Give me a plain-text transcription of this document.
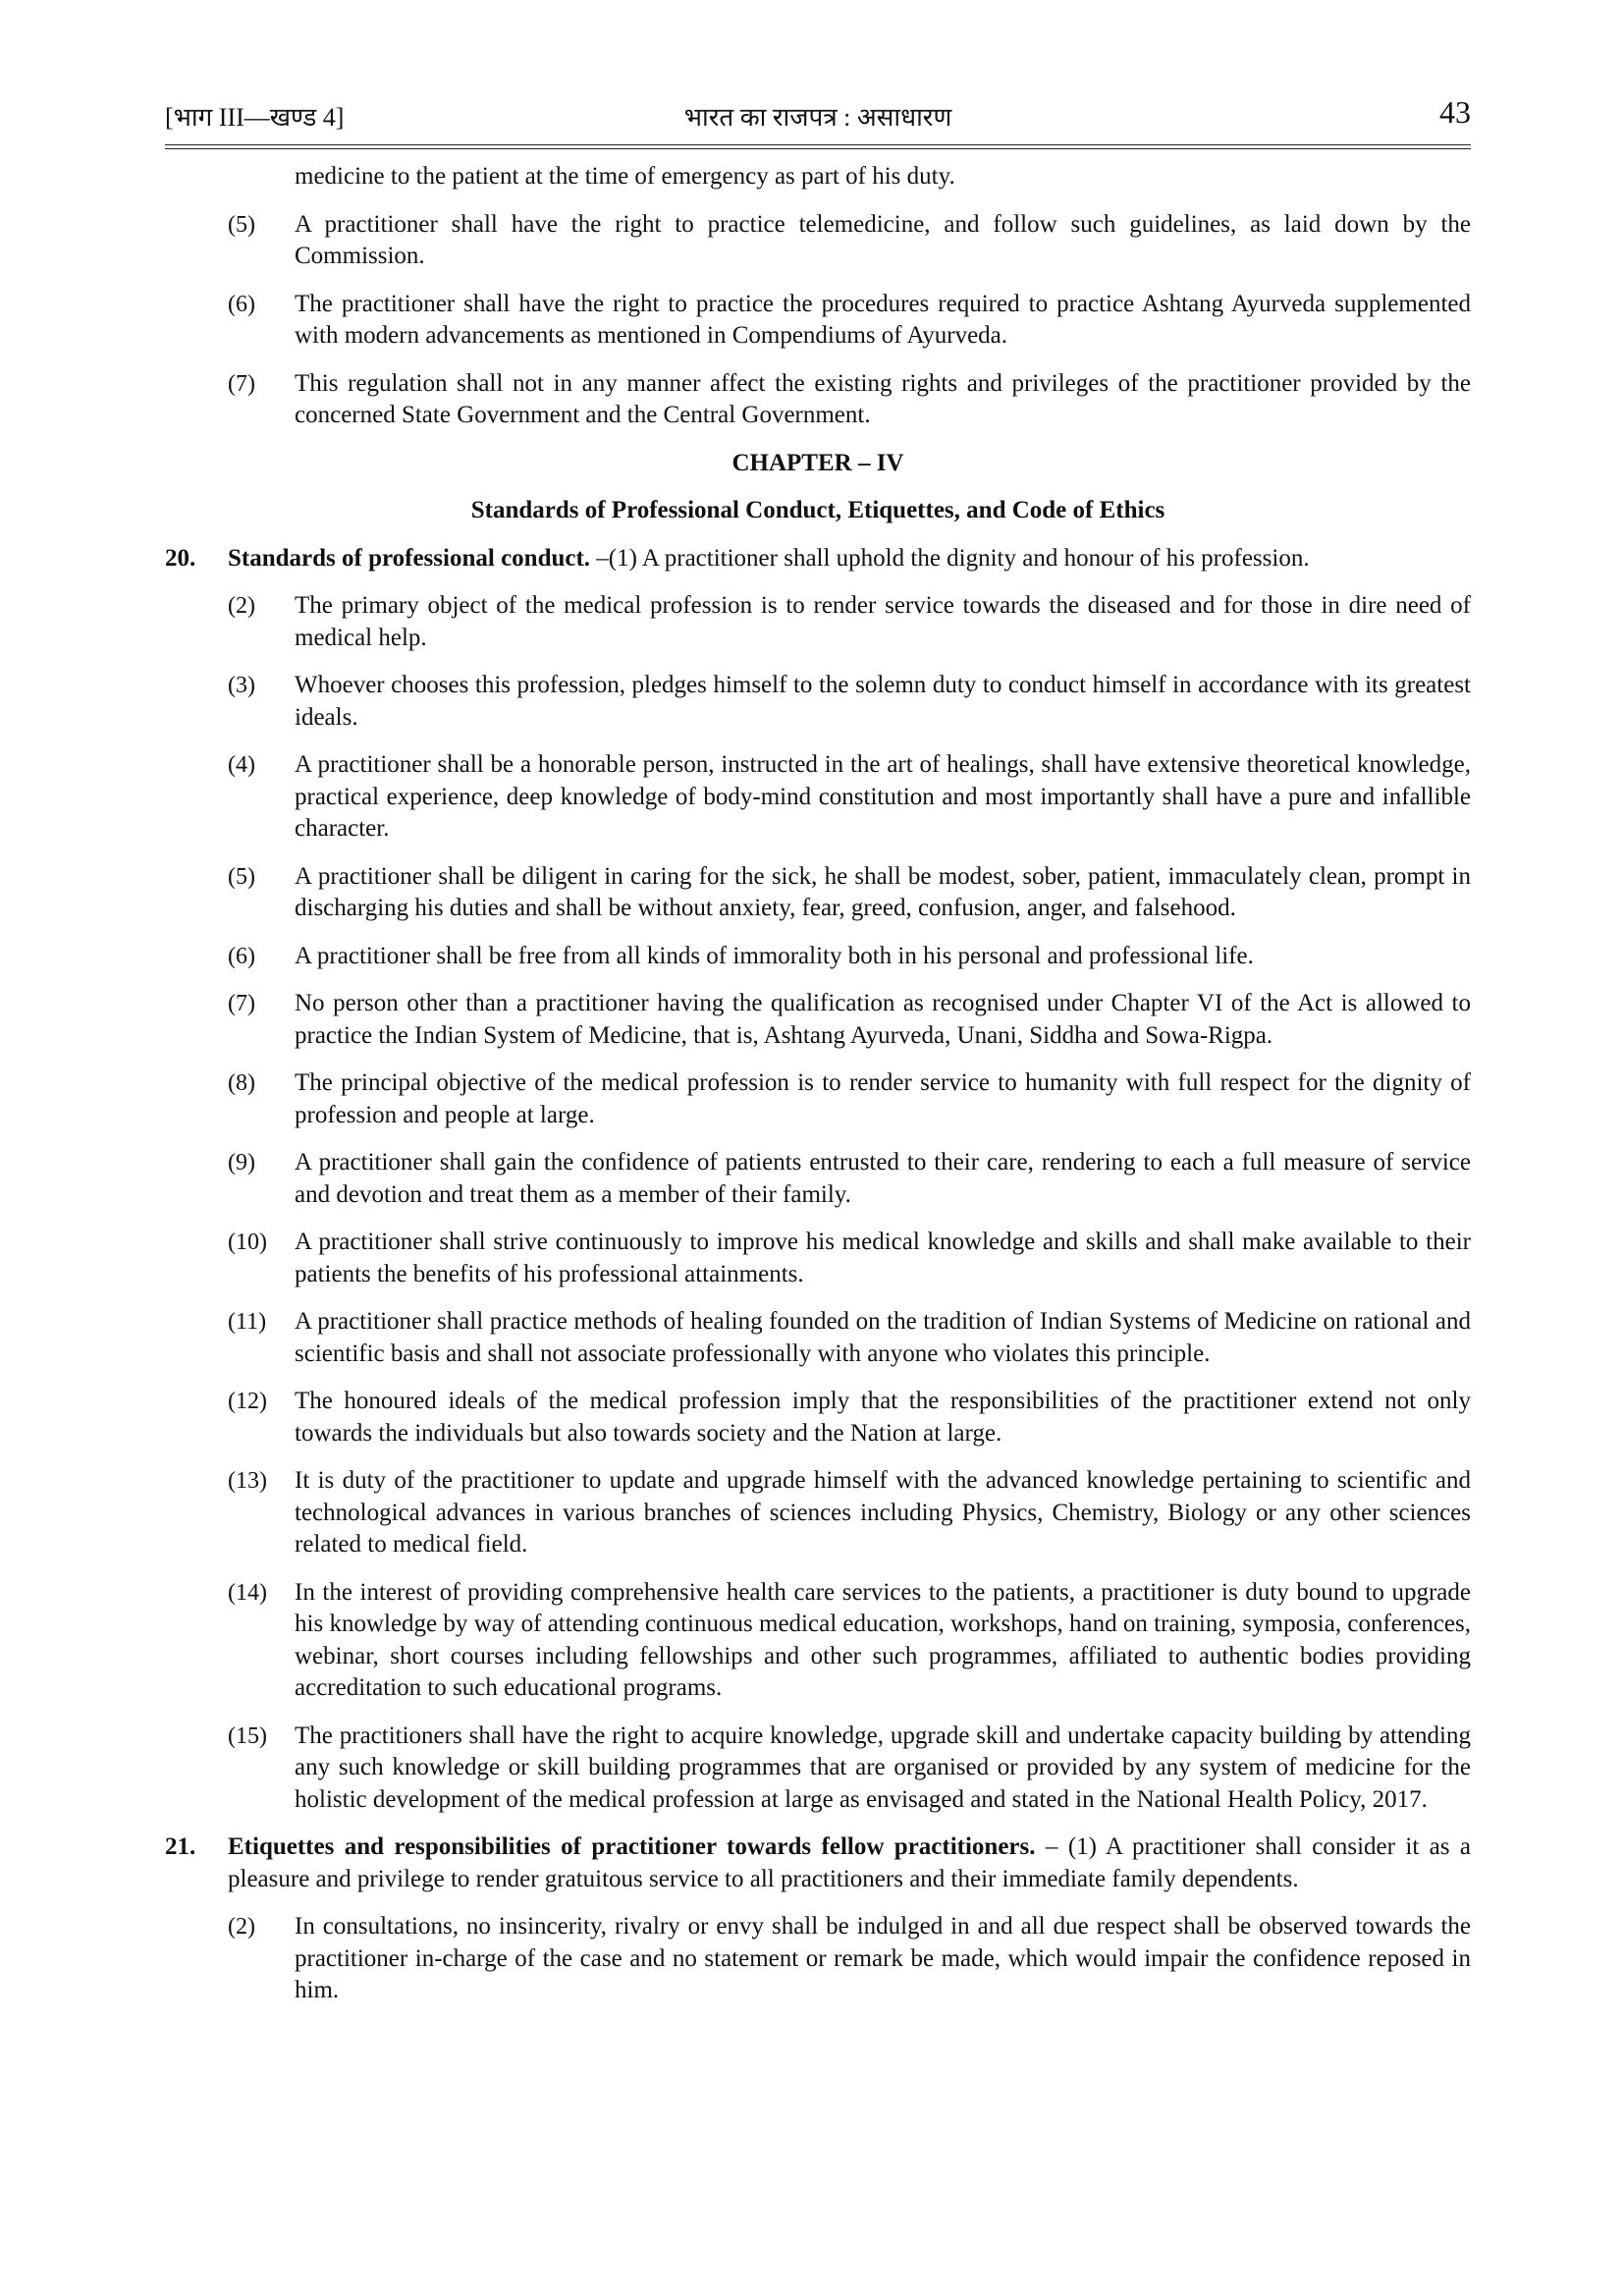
[भाग III—खण्ड 4]	भारत का राजपत्र : असाधारण	43

medicine to the patient at the time of emergency as part of his duty.

(5) A practitioner shall have the right to practice telemedicine, and follow such guidelines, as laid down by the Commission.
(6) The practitioner shall have the right to practice the procedures required to practice Ashtang Ayurveda supplemented with modern advancements as mentioned in Compendiums of Ayurveda.
(7) This regulation shall not in any manner affect the existing rights and privileges of the practitioner provided by the concerned State Government and the Central Government.

CHAPTER – IV

Standards of Professional Conduct, Etiquettes, and Code of Ethics

20. Standards of professional conduct. –(1) A practitioner shall uphold the dignity and honour of his profession.
(2) The primary object of the medical profession is to render service towards the diseased and for those in dire need of medical help.
(3) Whoever chooses this profession, pledges himself to the solemn duty to conduct himself in accordance with its greatest ideals.
(4) A practitioner shall be a honorable person, instructed in the art of healings, shall have extensive theoretical knowledge, practical experience, deep knowledge of body-mind constitution and most importantly shall have a pure and infallible character.
(5) A practitioner shall be diligent in caring for the sick, he shall be modest, sober, patient, immaculately clean, prompt in discharging his duties and shall be without anxiety, fear, greed, confusion, anger, and falsehood.
(6) A practitioner shall be free from all kinds of immorality both in his personal and professional life.
(7) No person other than a practitioner having the qualification as recognised under Chapter VI of the Act is allowed to practice the Indian System of Medicine, that is, Ashtang Ayurveda, Unani, Siddha and Sowa-Rigpa.
(8) The principal objective of the medical profession is to render service to humanity with full respect for the dignity of profession and people at large.
(9) A practitioner shall gain the confidence of patients entrusted to their care, rendering to each a full measure of service and devotion and treat them as a member of their family.
(10) A practitioner shall strive continuously to improve his medical knowledge and skills and shall make available to their patients the benefits of his professional attainments.
(11) A practitioner shall practice methods of healing founded on the tradition of Indian Systems of Medicine on rational and scientific basis and shall not associate professionally with anyone who violates this principle.
(12) The honoured ideals of the medical profession imply that the responsibilities of the practitioner extend not only towards the individuals but also towards society and the Nation at large.
(13) It is duty of the practitioner to update and upgrade himself with the advanced knowledge pertaining to scientific and technological advances in various branches of sciences including Physics, Chemistry, Biology or any other sciences related to medical field.
(14) In the interest of providing comprehensive health care services to the patients, a practitioner is duty bound to upgrade his knowledge by way of attending continuous medical education, workshops, hand on training, symposia, conferences, webinar, short courses including fellowships and other such programmes, affiliated to authentic bodies providing accreditation to such educational programs.
(15) The practitioners shall have the right to acquire knowledge, upgrade skill and undertake capacity building by attending any such knowledge or skill building programmes that are organised or provided by any system of medicine for the holistic development of the medical profession at large as envisaged and stated in the National Health Policy, 2017.
21. Etiquettes and responsibilities of practitioner towards fellow practitioners. – (1) A practitioner shall consider it as a pleasure and privilege to render gratuitous service to all practitioners and their immediate family dependents.
(2) In consultations, no insincerity, rivalry or envy shall be indulged in and all due respect shall be observed towards the practitioner in-charge of the case and no statement or remark be made, which would impair the confidence reposed in him.
